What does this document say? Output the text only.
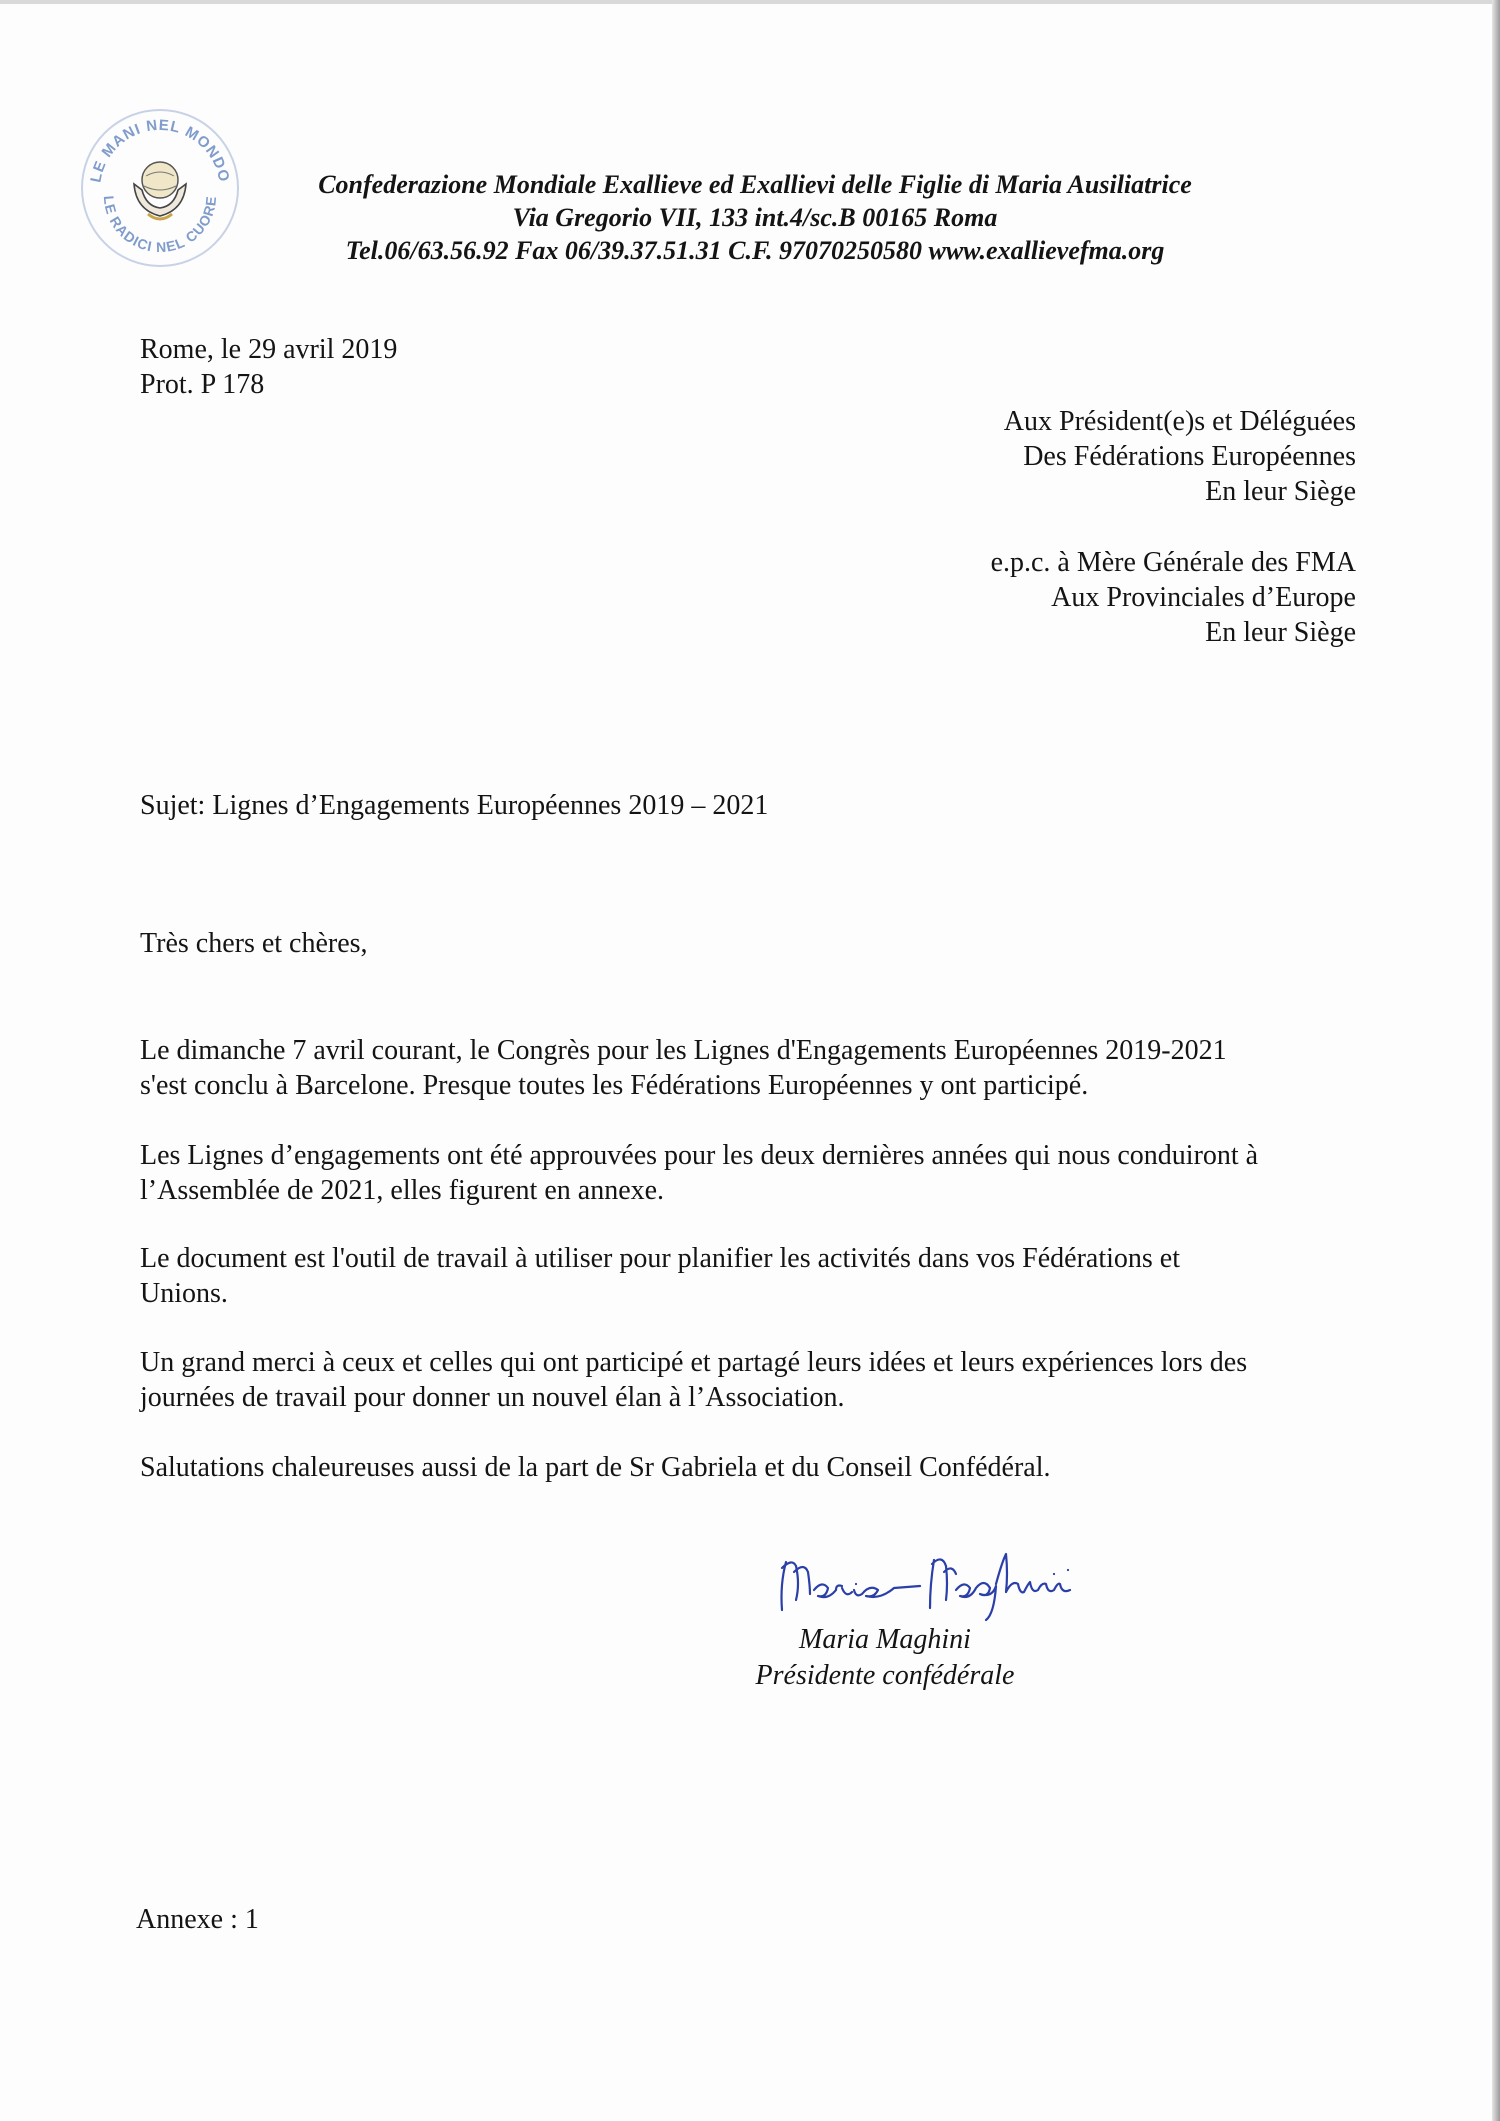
LE MANI NEL MONDO
LE RADICI NEL CUORE
Confederazione Mondiale Exallieve ed Exallievi delle Figlie di Maria Ausiliatrice
Via Gregorio VII, 133 int.4/sc.B 00165 Roma
Tel.06/63.56.92 Fax 06/39.37.51.31 C.F. 97070250580 www.exallievefma.org
Rome, le 29 avril 2019
Prot. P 178
Aux Président(e)s et Déléguées
Des Fédérations Européennes
En leur Siège
e.p.c. à Mère Générale des FMA
Aux Provinciales d’Europe
En leur Siège
Sujet: Lignes d’Engagements Européennes 2019 – 2021
Très chers et chères,
Le dimanche 7 avril courant, le Congrès pour les Lignes d'Engagements Européennes 2019-2021
s'est conclu à Barcelone. Presque toutes les Fédérations Européennes y ont participé.
Les Lignes d’engagements ont été approuvées pour les deux dernières années qui nous conduiront à
l’Assemblée de 2021, elles figurent en annexe.
Le document est l'outil de travail à utiliser pour planifier les activités dans vos Fédérations et
Unions.
Un grand merci à ceux et celles qui ont participé et partagé leurs idées et leurs expériences lors des
journées de travail pour donner un nouvel élan à l’Association.
Salutations chaleureuses aussi de la part de Sr Gabriela et du Conseil Confédéral.
Maria Maghini
Présidente confédérale
Annexe : 1
